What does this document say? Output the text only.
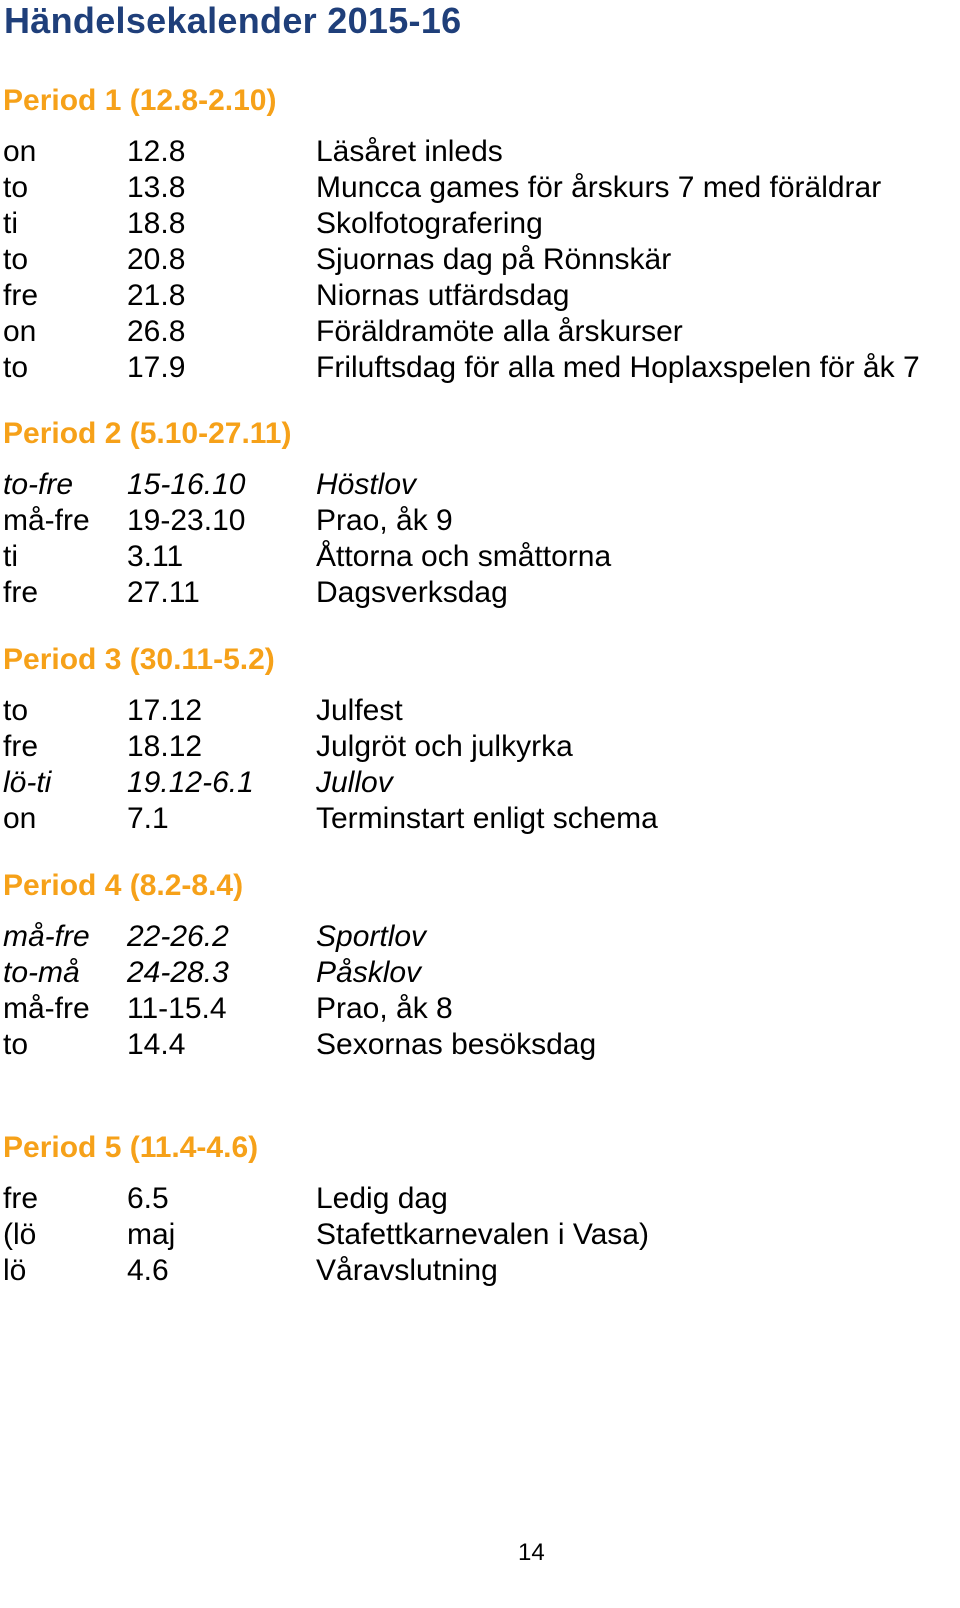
Händelsekalender 2015-16
Period 1 (12.8-2.10)
on	12.8	Läsåret inleds
to	13.8	Muncca games för årskurs 7 med föräldrar
ti	18.8	Skolfotografering
to	20.8	Sjuornas dag på Rönnskär
fre	21.8	Niornas utfärdsdag
on	26.8	Föräldramöte alla årskurser
to	17.9	Friluftsdag för alla med Hoplaxspelen för åk 7
Period 2 (5.10-27.11)
to-fre 15-16.10 Höstlov
må-fre 19-23.10 Prao, åk 9
ti	3.11	Åttorna och småttorna
fre	27.11	Dagsverksdag
Period 3 (30.11-5.2)
to	17.12	Julfest
fre	18.12	Julgröt och julkyrka
lö-ti	19.12-6.1 Jullov
on	7.1	Terminstart enligt schema
Period 4 (8.2-8.4)
må-fre 22-26.2	Sportlov
to-må 24-28.3	Påsklov
må-fre 11-15.4	Prao, åk 8
to	14.4	Sexornas besöksdag
Period 5 (11.4-4.6)
fre	6.5	Ledig dag
(lö	maj	Stafettkarnevalen i Vasa)
lö	4.6	Våravslutning
14
